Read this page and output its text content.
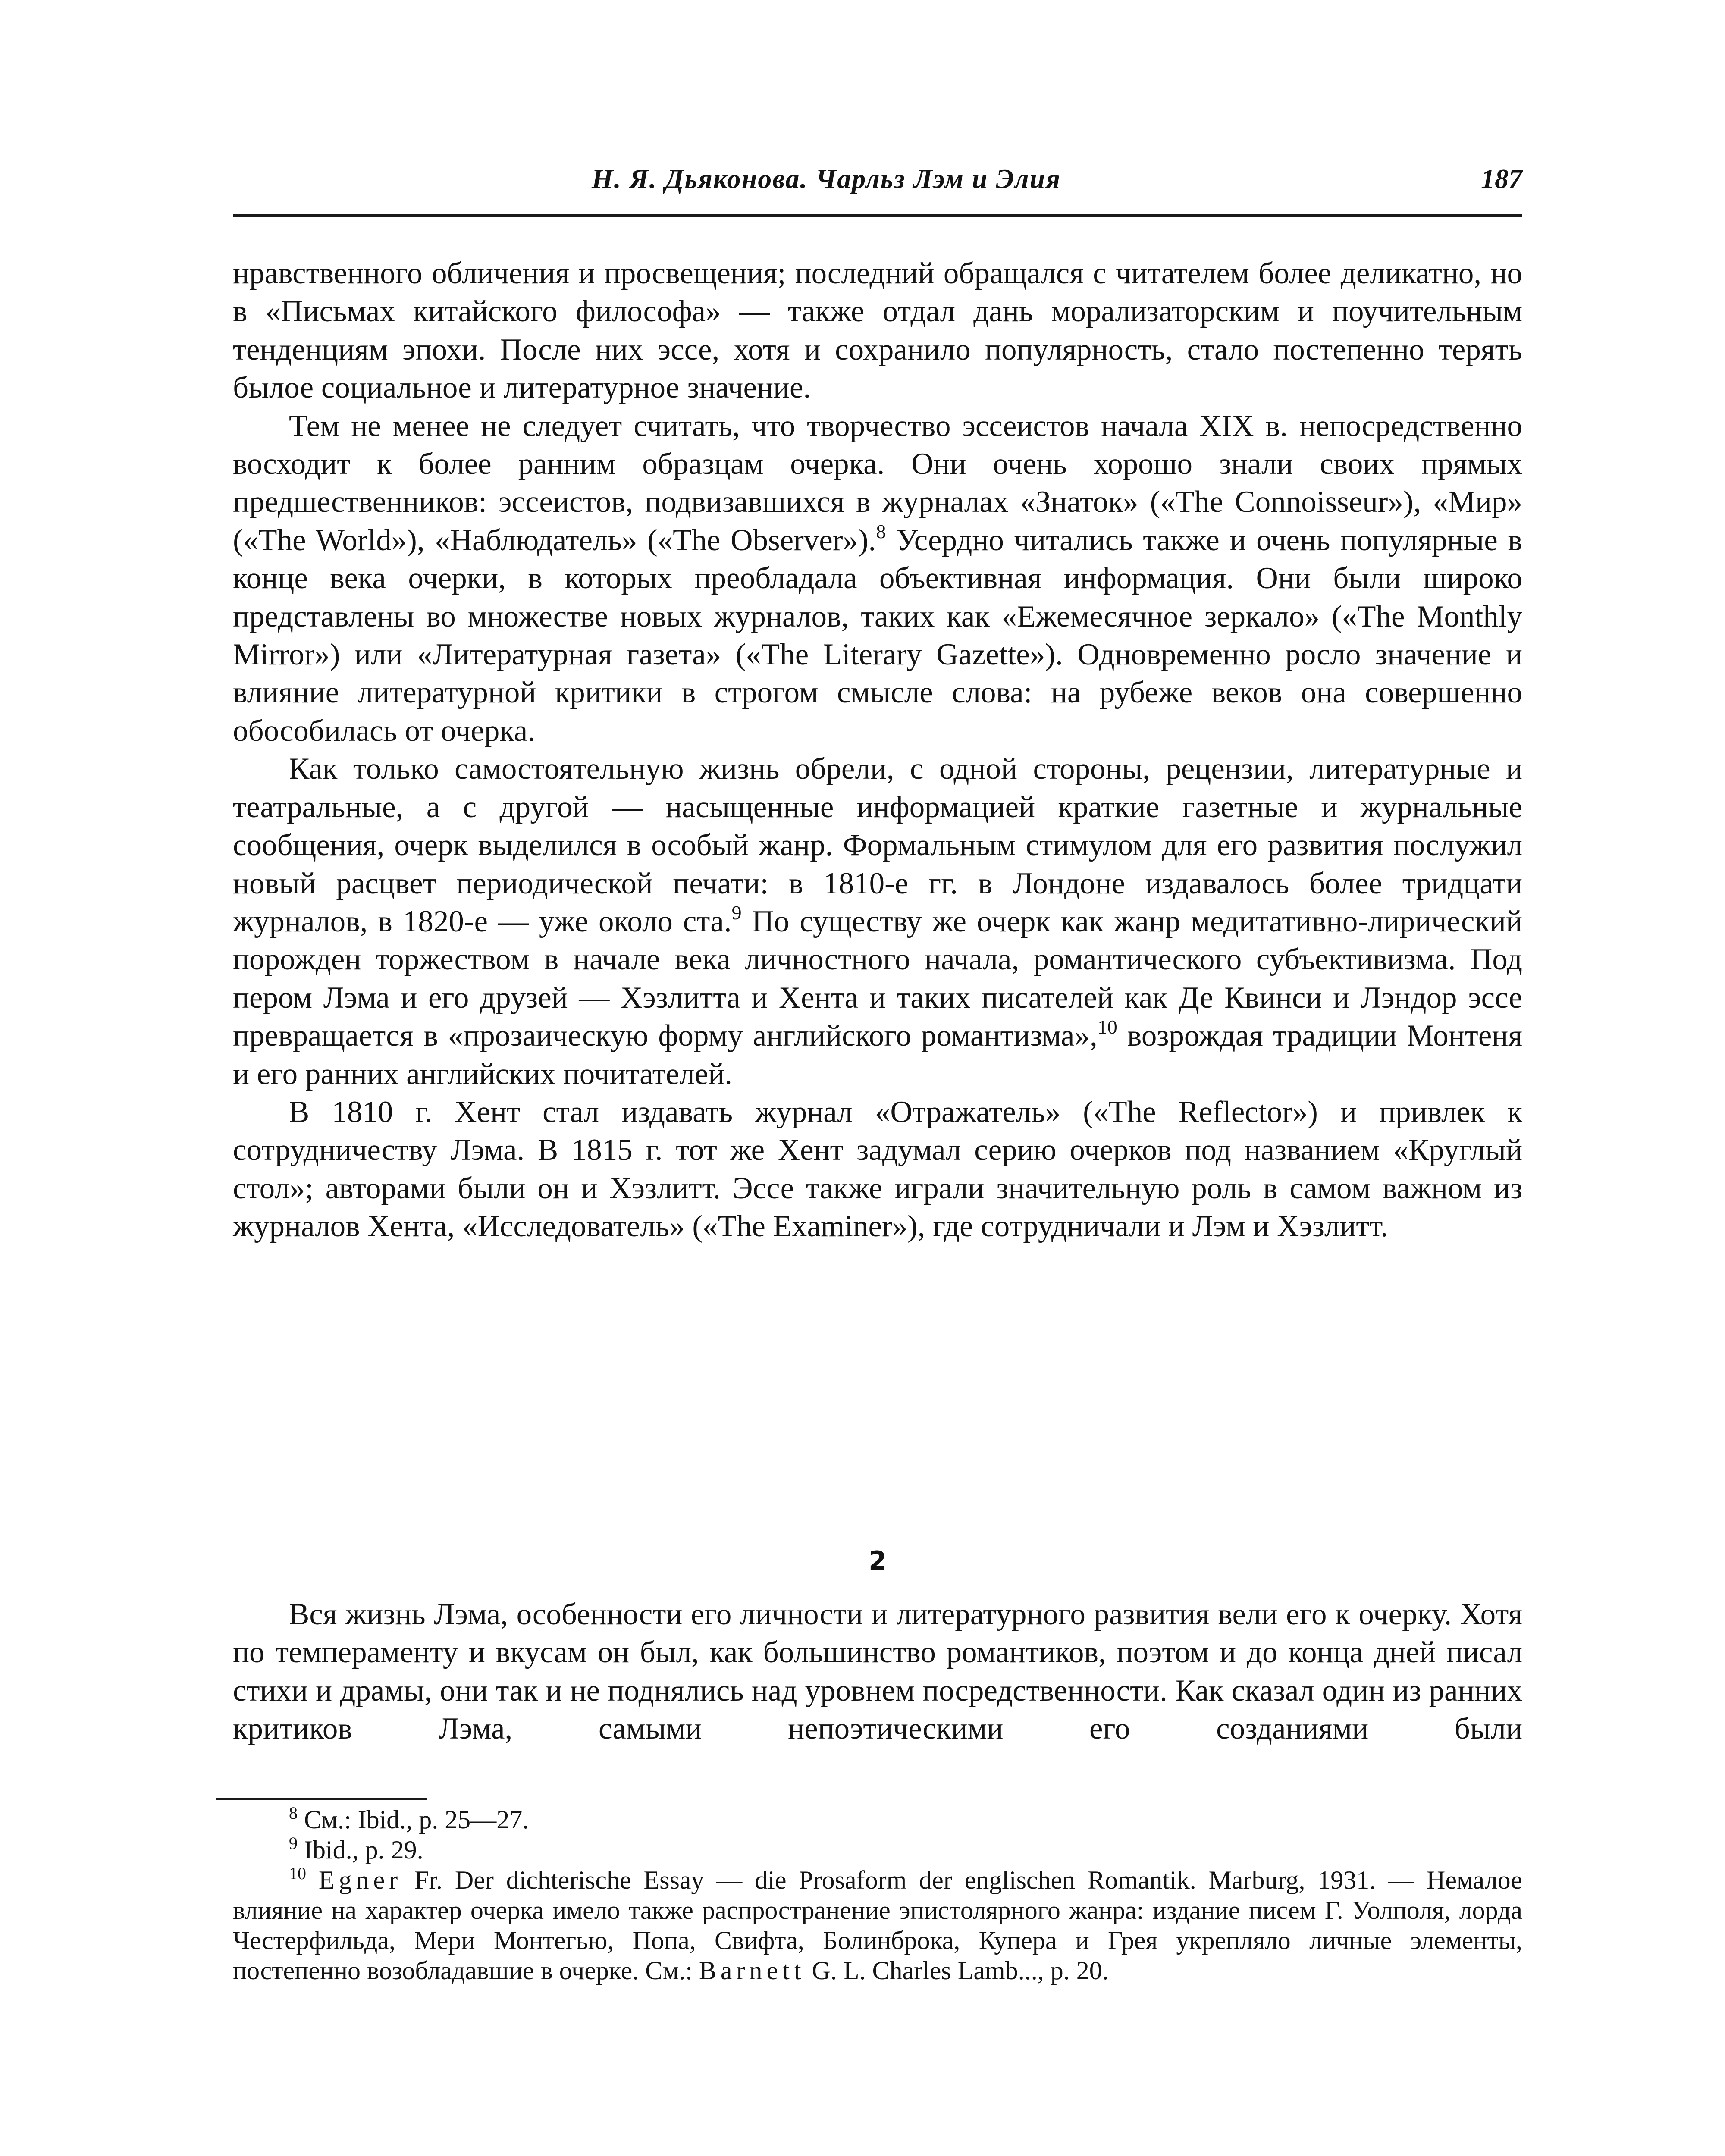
Н. Я. Дьяконова. Чарльз Лэм и Элия	187

нравственного обличения и просвещения; последний обращался с читателем более деликатно, но в «Письмах китайского философа» — также отдал дань морализаторским и поучительным тенденциям эпохи. После них эссе, хотя и сохранило популярность, стало постепенно терять былое социальное и литературное значение.

Тем не менее не следует считать, что творчество эссеистов начала XIX в. непосредственно восходит к более ранним образцам очерка. Они очень хорошо знали своих прямых предшественников: эссеистов, подвизавшихся в журналах «Знаток» («The Connoisseur»), «Мир» («The World»), «Наблюдатель» («The Observer»).$^8$ Усердно читались также и очень популярные в конце века очерки, в которых преобладала объективная информация. Они были широко представлены во множестве новых журналов, таких как «Ежемесячное зеркало» («The Monthly Mirror») или «Литературная газета» («The Literary Gazette»). Одновременно росло значение и влияние литературной критики в строгом смысле слова: на рубеже веков она совершенно обособилась от очерка.

Как только самостоятельную жизнь обрели, с одной стороны, рецензии, литературные и театральные, а с другой — насыщенные информацией краткие газетные и журнальные сообщения, очерк выделился в особый жанр. Формальным стимулом для его развития послужил новый расцвет периодической печати: в 1810-е гг. в Лондоне издавалось более тридцати журналов, в 1820-е — уже около ста.$^9$ По существу же очерк как жанр медитативно-лирический порожден торжеством в начале века личностного начала, романтического субъективизма. Под пером Лэма и его друзей — Хэзлитта и Хента и таких писателей как Де Квинси и Лэндор эссе превращается в «прозаическую форму английского романтизма»,$^{10}$ возрождая традиции Монтеня и его ранних английских почитателей.

В 1810 г. Хент стал издавать журнал «Отражатель» («The Reflector») и привлек к сотрудничеству Лэма. В 1815 г. тот же Хент задумал серию очерков под названием «Круглый стол»; авторами были он и Хэзлитт. Эссе также играли значительную роль в самом важном из журналов Хента, «Исследователь» («The Examiner»), где сотрудничали и Лэм и Хэзлитт.

2

Вся жизнь Лэма, особенности его личности и литературного развития вели его к очерку. Хотя по темпераменту и вкусам он был, как большинство романтиков, поэтом и до конца дней писал стихи и драмы, они так и не поднялись над уровнем посредственности. Как сказал один из ранних критиков Лэма, самыми непоэтическими его созданиями были

$^8$ См.: Ibid., p. 25—27.

$^9$ Ibid., p. 29.

$^{10}$ Egner Fr. Der dichterische Essay — die Prosaform der englischen Romantik. Marburg, 1931. — Немалое влияние на характер очерка имело также распространение эпистолярного жанра: издание писем Г. Уолполя, лорда Честерфильда, Мери Монтегью, Попа, Свифта, Болинброка, Купера и Грея укрепляло личные элементы, постепенно возобладавшие в очерке. См.: Barnett G. L. Charles Lamb..., p. 20.
